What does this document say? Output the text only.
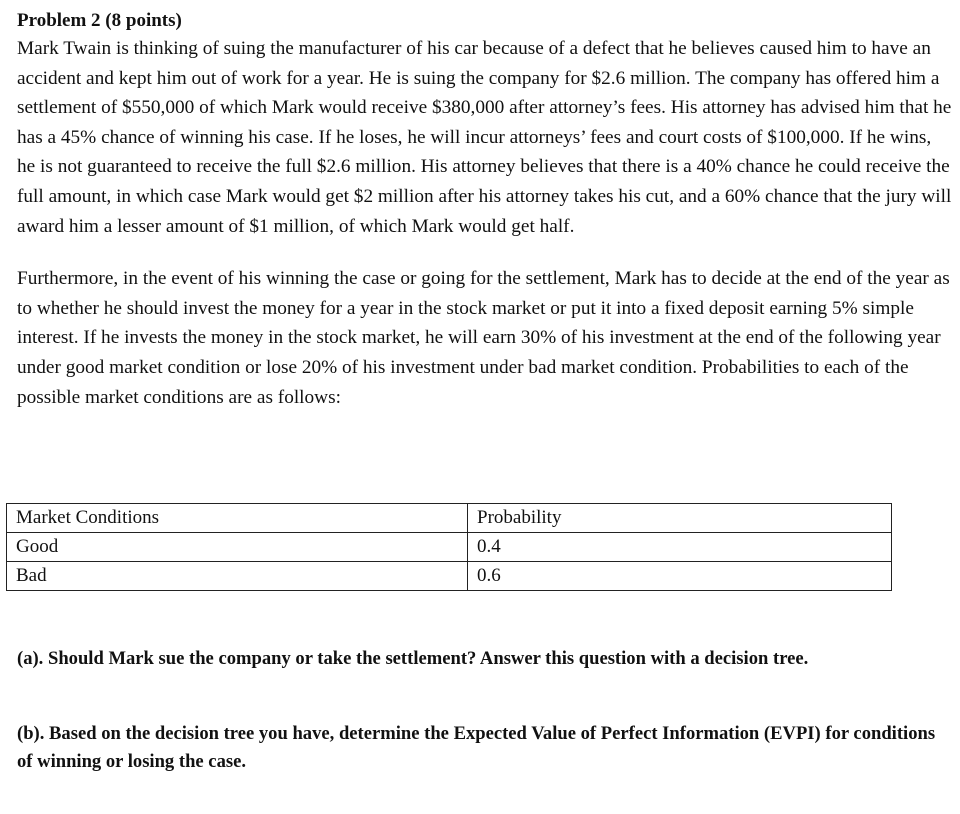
Problem 2 (8 points)

Mark Twain is thinking of suing the manufacturer of his car because of a defect that he believes caused him to have an accident and kept him out of work for a year. He is suing the company for $2.6 million. The company has offered him a settlement of $550,000 of which Mark would receive $380,000 after attorney’s fees. His attorney has advised him that he has a 45% chance of winning his case. If he loses, he will incur attorneys’ fees and court costs of $100,000. If he wins, he is not guaranteed to receive the full $2.6 million. His attorney believes that there is a 40% chance he could receive the full amount, in which case Mark would get $2 million after his attorney takes his cut, and a 60% chance that the jury will award him a lesser amount of $1 million, of which Mark would get half.

Furthermore, in the event of his winning the case or going for the settlement, Mark has to decide at the end of the year as to whether he should invest the money for a year in the stock market or put it into a fixed deposit earning 5% simple interest. If he invests the money in the stock market, he will earn 30% of his investment at the end of the following year under good market condition or lose 20% of his investment under bad market condition. Probabilities to each of the possible market conditions are as follows:

Market Conditions	Probability
Good	0.4
Bad	0.6

(a). Should Mark sue the company or take the settlement? Answer this question with a decision tree.

(b). Based on the decision tree you have, determine the Expected Value of Perfect Information (EVPI) for conditions of winning or losing the case.
